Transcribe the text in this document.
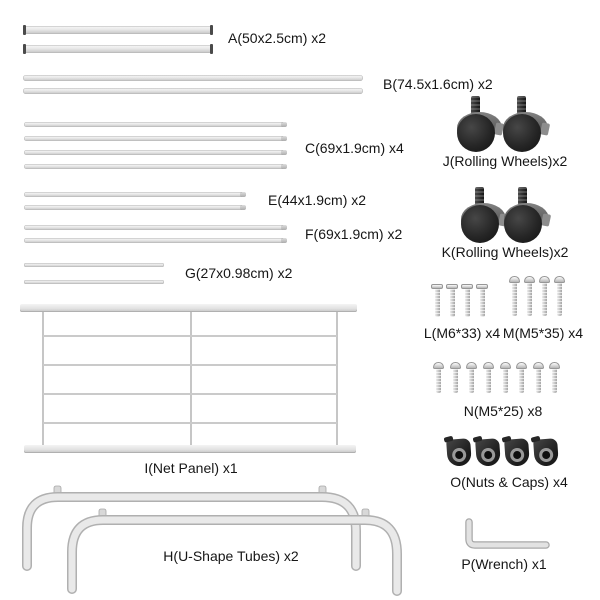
A(50x2.5cm) x2
B(74.5x1.6cm) x2
C(69x1.9cm) x4
J(Rolling Wheels)x2
E(44x1.9cm) x2
K(Rolling Wheels)x2
F(69x1.9cm) x2
G(27x0.98cm) x2
L(M6*33) x4 M(M5*35) x4
I(Net Panel) x1
N(M5*25) x8
O(Nuts & Caps) x4
H(U-Shape Tubes) x2	P(Wrench) x1
